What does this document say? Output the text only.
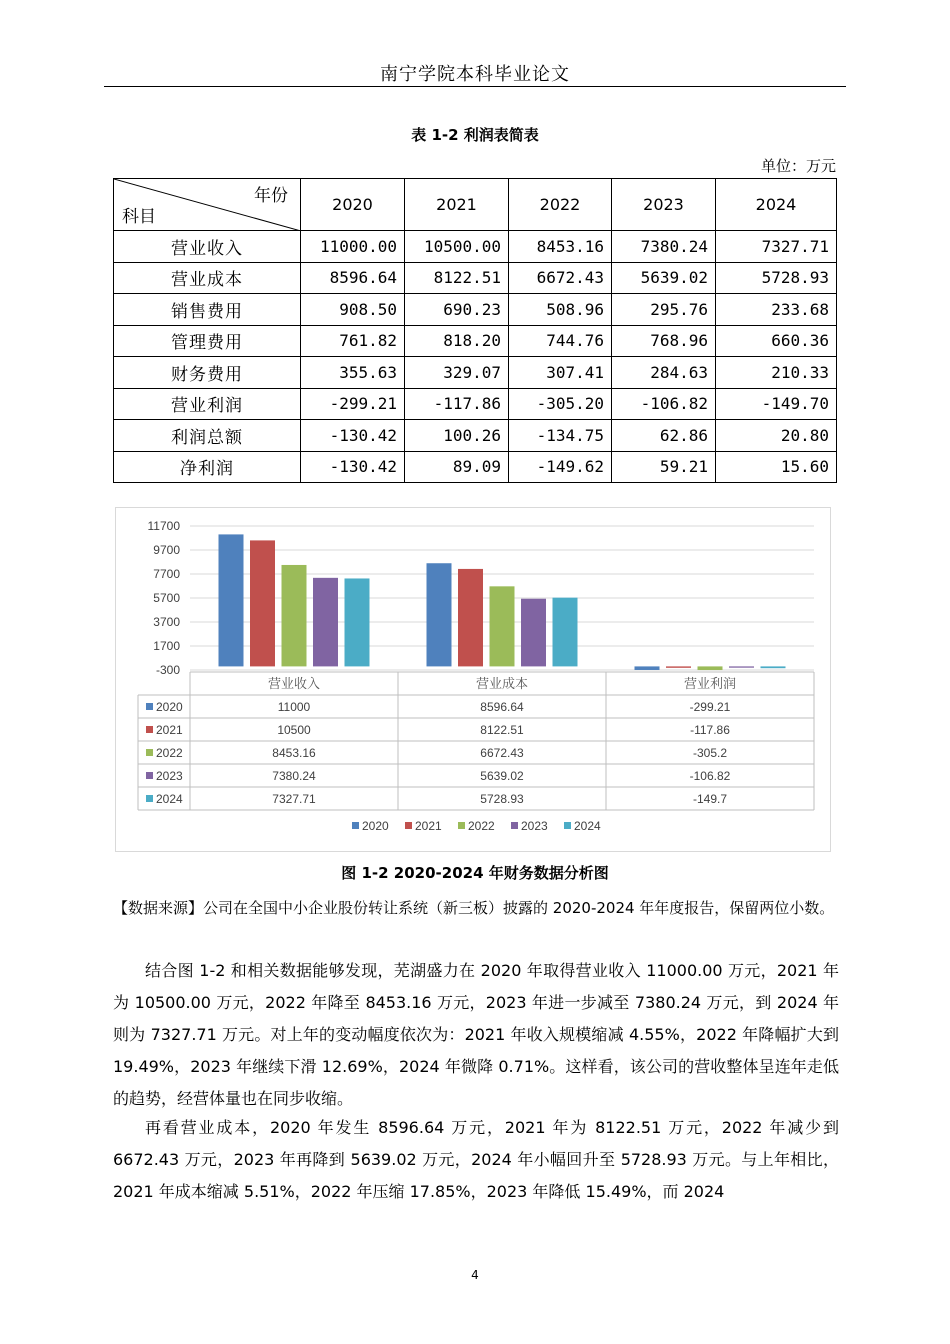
南宁学院本科毕业论文
表 1-2 利润表简表
单位：万元
年份
科目	2020	2021	2022	2023	2024
营业收入	11000.00	10500.00	8453.16	7380.24	7327.71
营业成本	8596.64	8122.51	6672.43	5639.02	5728.93
销售费用	908.50	690.23	508.96	295.76	233.68
管理费用	761.82	818.20	744.76	768.96	660.36
财务费用	355.63	329.07	307.41	284.63	210.33
营业利润	-299.21	-117.86	-305.20	-106.82	-149.70
利润总额	-130.42	100.26	-134.75	62.86	20.80
净利润	-130.42	89.09	-149.62	59.21	15.60
11700
9700
7700
5700
3700
1700
-300
营业收入	营业成本	营业利润
2020	11000	8596.64	-299.21
2021	10500	8122.51	-117.86
2022	8453.16	6672.43	-305.2
2023	7380.24	5639.02	-106.82
2024	7327.71	5728.93	-149.7
2020 2021 2022 2023 2024
图 1-2 2020-2024 年财务数据分析图
【数据来源】公司在全国中小企业股份转让系统（新三板）披露的 2020-2024 年年度报告，保留两位小数。
结合图 1-2 和相关数据能够发现，芜湖盛力在 2020 年取得营业收入 11000.00 万元，2021 年为 10500.00 万元，2022 年降至 8453.16 万元，2023 年进一步减至 7380.24 万元，到 2024 年则为 7327.71 万元。对上年的变动幅度依次为：2021 年收入规模缩减 4.55%，2022 年降幅扩大到 19.49%，2023 年继续下滑 12.69%，2024 年微降 0.71%。这样看，该公司的营收整体呈连年走低的趋势，经营体量也在同步收缩。
再看营业成本，2020 年发生 8596.64 万元，2021 年为 8122.51 万元，2022 年减少到 6672.43 万元，2023 年再降到 5639.02 万元，2024 年小幅回升至 5728.93 万元。与上年相比，2021 年成本缩减 5.51%，2022 年压缩 17.85%，2023 年降低 15.49%，而 2024
4
